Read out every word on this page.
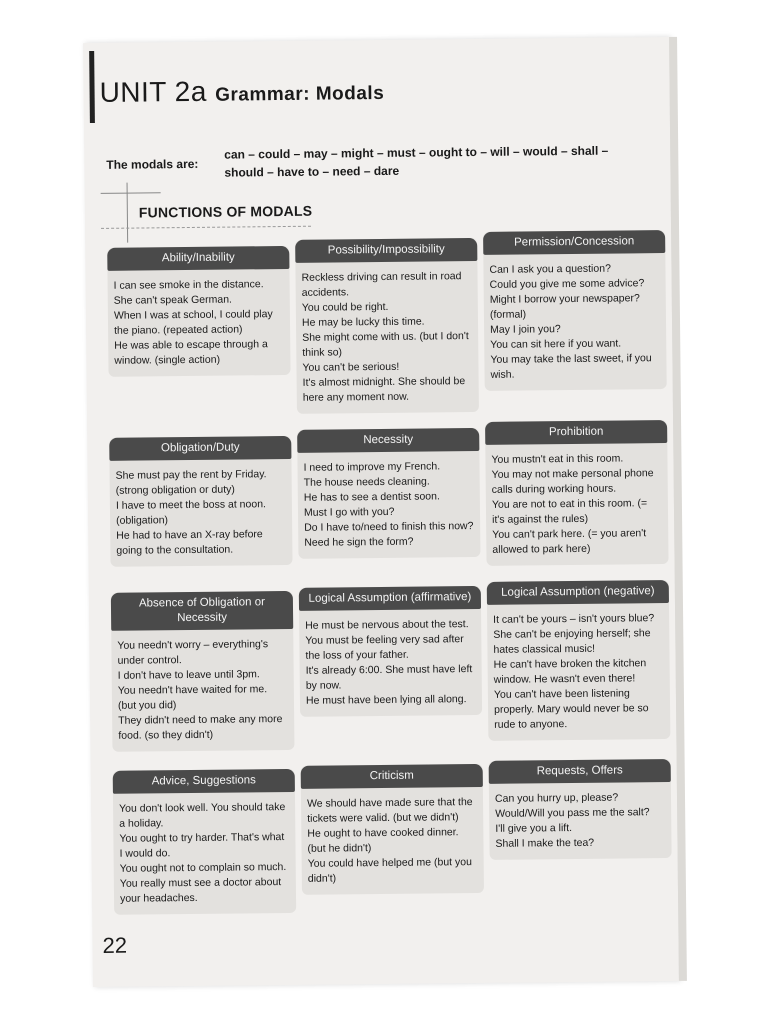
UNIT 2a Grammar: Modals
The modals are:
can – could – may – might – must – ought to – will – would – shall – should – have to – need – dare
FUNCTIONS OF MODALS
Ability/Inability

I can see smoke in the distance.

She can't speak German.

When I was at school, I could play the piano. (repeated action)

He was able to escape through a window. (single action)

Possibility/Impossibility

Reckless driving can result in road accidents.

You could be right.

He may be lucky this time.

She might come with us. (but I don't think so)

You can't be serious!

It's almost midnight. She should be here any moment now.

Permission/Concession

Can I ask you a question?

Could you give me some advice?

Might I borrow your newspaper? (formal)

May I join you?

You can sit here if you want.

You may take the last sweet, if you wish.

Obligation/Duty

She must pay the rent by Friday. (strong obligation or duty)

I have to meet the boss at noon. (obligation)

He had to have an X-ray before going to the consultation.

Necessity

I need to improve my French.

The house needs cleaning.

He has to see a dentist soon.

Must I go with you?

Do I have to/need to finish this now?

Need he sign the form?

Prohibition

You mustn't eat in this room.

You may not make personal phone calls during working hours.

You are not to eat in this room. (= it's against the rules)

You can't park here. (= you aren't allowed to park here)

Absence of Obligation or Necessity

You needn't worry – everything's under control.

I don't have to leave until 3pm.

You needn't have waited for me. (but you did)

They didn't need to make any more food. (so they didn't)

Logical Assumption (affirmative)

He must be nervous about the test.

You must be feeling very sad after the loss of your father.

It's already 6:00. She must have left by now.

He must have been lying all along.

Logical Assumption (negative)

It can't be yours – isn't yours blue?

She can't be enjoying herself; she hates classical music!

He can't have broken the kitchen window. He wasn't even there!

You can't have been listening properly. Mary would never be so rude to anyone.

Advice, Suggestions

You don't look well. You should take a holiday.

You ought to try harder. That's what I would do.

You ought not to complain so much.

You really must see a doctor about your headaches.

Criticism

We should have made sure that the tickets were valid. (but we didn't)

He ought to have cooked dinner. (but he didn't)

You could have helped me (but you didn't)

Requests, Offers

Can you hurry up, please?

Would/Will you pass me the salt?

I'll give you a lift.

Shall I make the tea?

22
